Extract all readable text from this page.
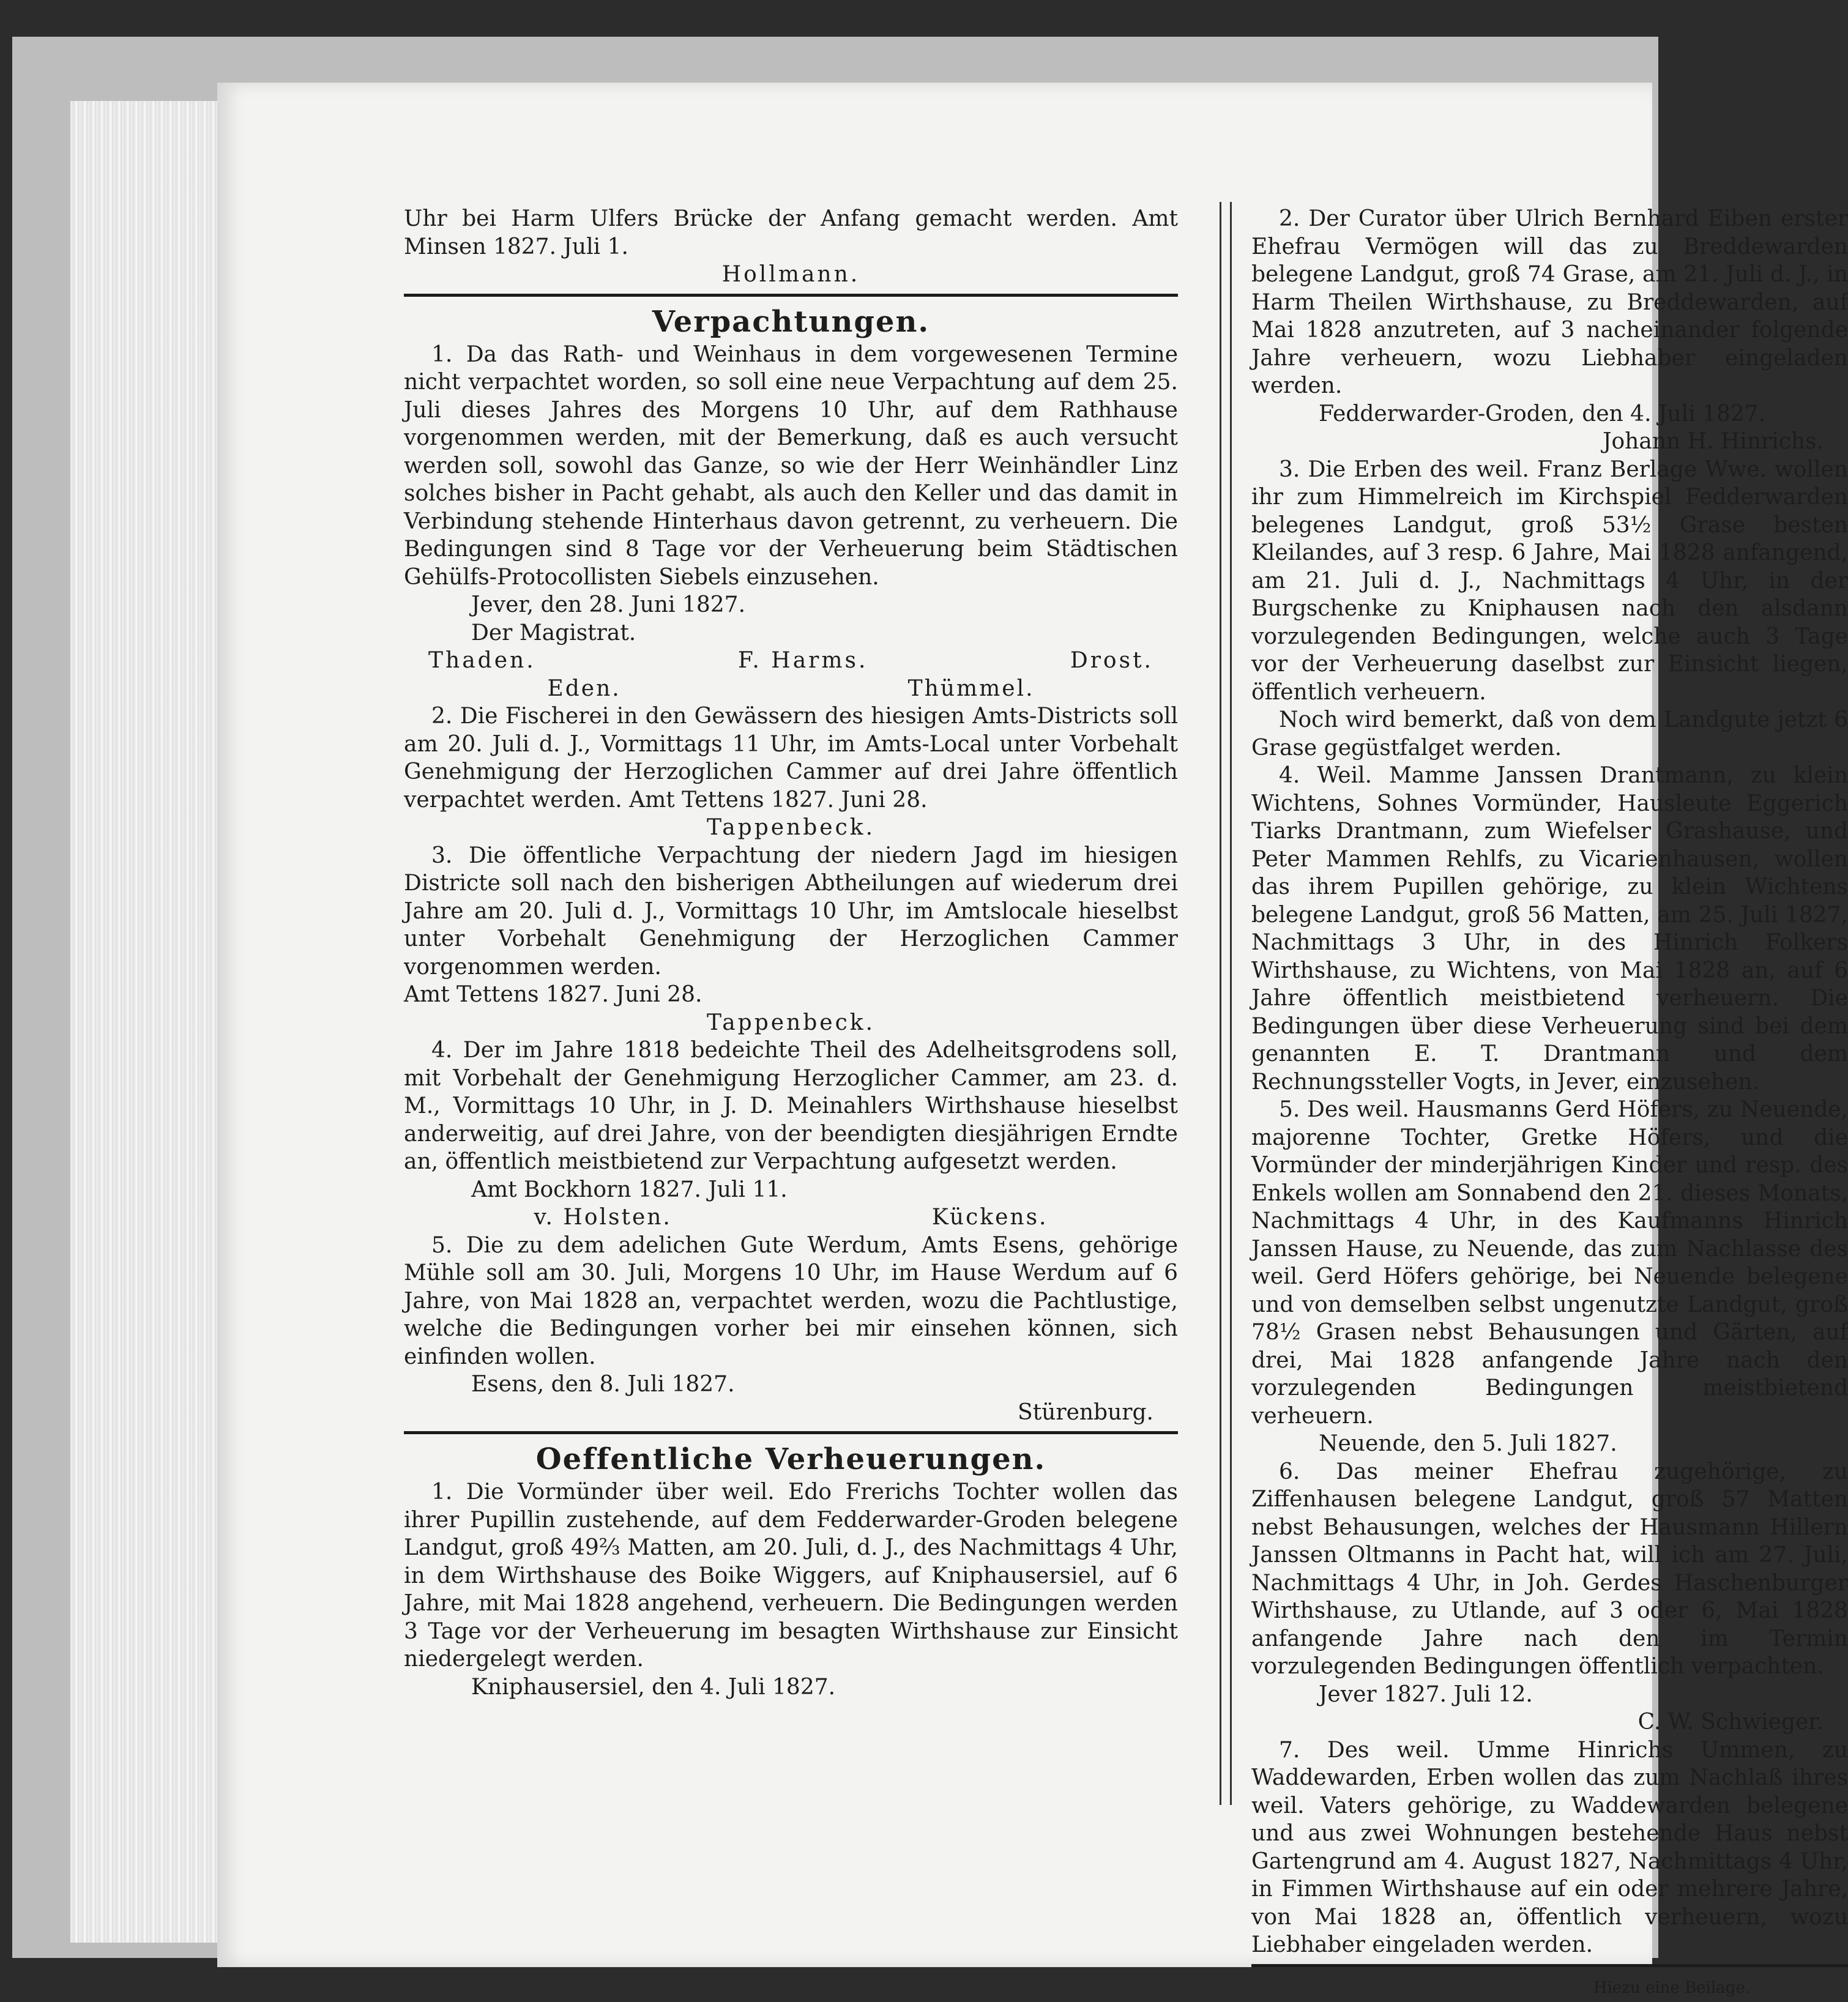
Uhr bei Harm Ulfers Brücke der Anfang gemacht werden. Amt Minsen 1827. Juli 1.

Hollmann.

Verpachtungen.

1. Da das Rath- und Weinhaus in dem vorgewesenen Termine nicht verpachtet worden, so soll eine neue Verpachtung auf dem 25. Juli dieses Jahres des Morgens 10 Uhr, auf dem Rathhause vorgenommen werden, mit der Bemerkung, daß es auch versucht werden soll, sowohl das Ganze, so wie der Herr Weinhändler Linz solches bisher in Pacht gehabt, als auch den Keller und das damit in Verbindung stehende Hinterhaus davon getrennt, zu verheuern. Die Bedingungen sind 8 Tage vor der Verheuerung beim Städtischen Gehülfs-Protocollisten Siebels einzusehen.

Jever, den 28. Juni 1827.

Der Magistrat.

Thaden.	F. Harms.	Drost.
Eden.	Thümmel.

2. Die Fischerei in den Gewässern des hiesigen Amts-Districts soll am 20. Juli d. J., Vormittags 11 Uhr, im Amts-Local unter Vorbehalt Genehmigung der Herzoglichen Cammer auf drei Jahre öffentlich verpachtet werden. Amt Tettens 1827. Juni 28.

Tappenbeck.

3. Die öffentliche Verpachtung der niedern Jagd im hiesigen Districte soll nach den bisherigen Abtheilungen auf wiederum drei Jahre am 20. Juli d. J., Vormittags 10 Uhr, im Amtslocale hieselbst unter Vorbehalt Genehmigung der Herzoglichen Cammer vorgenommen werden.

Amt Tettens 1827. Juni 28.

Tappenbeck.

4. Der im Jahre 1818 bedeichte Theil des Adelheitsgrodens soll, mit Vorbehalt der Genehmigung Herzoglicher Cammer, am 23. d. M., Vormittags 10 Uhr, in J. D. Meinahlers Wirthshause hieselbst anderweitig, auf drei Jahre, von der beendigten diesjährigen Erndte an, öffentlich meistbietend zur Verpachtung aufgesetzt werden.

Amt Bockhorn 1827. Juli 11.

v. Holsten.	Kückens.

5. Die zu dem adelichen Gute Werdum, Amts Esens, gehörige Mühle soll am 30. Juli, Morgens 10 Uhr, im Hause Werdum auf 6 Jahre, von Mai 1828 an, verpachtet werden, wozu die Pachtlustige, welche die Bedingungen vorher bei mir einsehen können, sich einfinden wollen.

Esens, den 8. Juli 1827.

Stürenburg.

Oeffentliche Verheuerungen.

1. Die Vormünder über weil. Edo Frerichs Tochter wollen das ihrer Pupillin zustehende, auf dem Fedderwarder-Groden belegene Landgut, groß 49⅔ Matten, am 20. Juli, d. J., des Nachmittags 4 Uhr, in dem Wirthshause des Boike Wiggers, auf Kniphausersiel, auf 6 Jahre, mit Mai 1828 angehend, verheuern. Die Bedingungen werden 3 Tage vor der Verheuerung im besagten Wirthshause zur Einsicht niedergelegt werden.

Kniphausersiel, den 4. Juli 1827.

2. Der Curator über Ulrich Bernhard Eiben erster Ehefrau Vermögen will das zu Breddewarden belegene Landgut, groß 74 Grase, am 21. Juli d. J., in Harm Theilen Wirthshause, zu Breddewarden, auf Mai 1828 anzutreten, auf 3 nacheinander folgende Jahre verheuern, wozu Liebhaber eingeladen werden.

Fedderwarder-Groden, den 4. Juli 1827.

Johann H. Hinrichs.

3. Die Erben des weil. Franz Berlage Wwe. wollen ihr zum Himmelreich im Kirchspiel Fedderwarden belegenes Landgut, groß 53½ Grase besten Kleilandes, auf 3 resp. 6 Jahre, Mai 1828 anfangend, am 21. Juli d. J., Nachmittags 4 Uhr, in der Burgschenke zu Kniphausen nach den alsdann vorzulegenden Bedingungen, welche auch 3 Tage vor der Verheuerung daselbst zur Einsicht liegen, öffentlich verheuern.

Noch wird bemerkt, daß von dem Landgute jetzt 6 Grase gegüstfalget werden.

4. Weil. Mamme Janssen Drantmann, zu klein Wichtens, Sohnes Vormünder, Hausleute Eggerich Tiarks Drantmann, zum Wiefelser Grashause, und Peter Mammen Rehlfs, zu Vicarienhausen, wollen das ihrem Pupillen gehörige, zu klein Wichtens belegene Landgut, groß 56 Matten, am 25. Juli 1827, Nachmittags 3 Uhr, in des Hinrich Folkers Wirthshause, zu Wichtens, von Mai 1828 an, auf 6 Jahre öffentlich meistbietend verheuern. Die Bedingungen über diese Verheuerung sind bei dem genannten E. T. Drantmann und dem Rechnungssteller Vogts, in Jever, einzusehen.

5. Des weil. Hausmanns Gerd Höfers, zu Neuende, majorenne Tochter, Gretke Höfers, und die Vormünder der minderjährigen Kinder und resp. des Enkels wollen am Sonnabend den 21. dieses Monats, Nachmittags 4 Uhr, in des Kaufmanns Hinrich Janssen Hause, zu Neuende, das zum Nachlasse des weil. Gerd Höfers gehörige, bei Neuende belegene und von demselben selbst ungenutzte Landgut, groß 78½ Grasen nebst Behausungen und Gärten, auf drei, Mai 1828 anfangende Jahre nach den vorzulegenden Bedingungen meistbietend verheuern.

Neuende, den 5. Juli 1827.

6. Das meiner Ehefrau zugehörige, zu Ziffenhausen belegene Landgut, groß 57 Matten nebst Behausungen, welches der Hausmann Hillern Janssen Oltmanns in Pacht hat, will ich am 27. Juli, Nachmittags 4 Uhr, in Joh. Gerdes Haschenburger Wirthshause, zu Utlande, auf 3 oder 6, Mai 1828 anfangende Jahre nach den im Termin vorzulegenden Bedingungen öffentlich verpachten.

Jever 1827. Juli 12.

C. W. Schwieger.

7. Des weil. Umme Hinrichs Ummen, zu Waddewarden, Erben wollen das zum Nachlaß ihres weil. Vaters gehörige, zu Waddewarden belegene und aus zwei Wohnungen bestehende Haus nebst Gartengrund am 4. August 1827, Nachmittags 4 Uhr, in Fimmen Wirthshause auf ein oder mehrere Jahre, von Mai 1828 an, öffentlich verheuern, wozu Liebhaber eingeladen werden.

Hiezu eine Beilage.
